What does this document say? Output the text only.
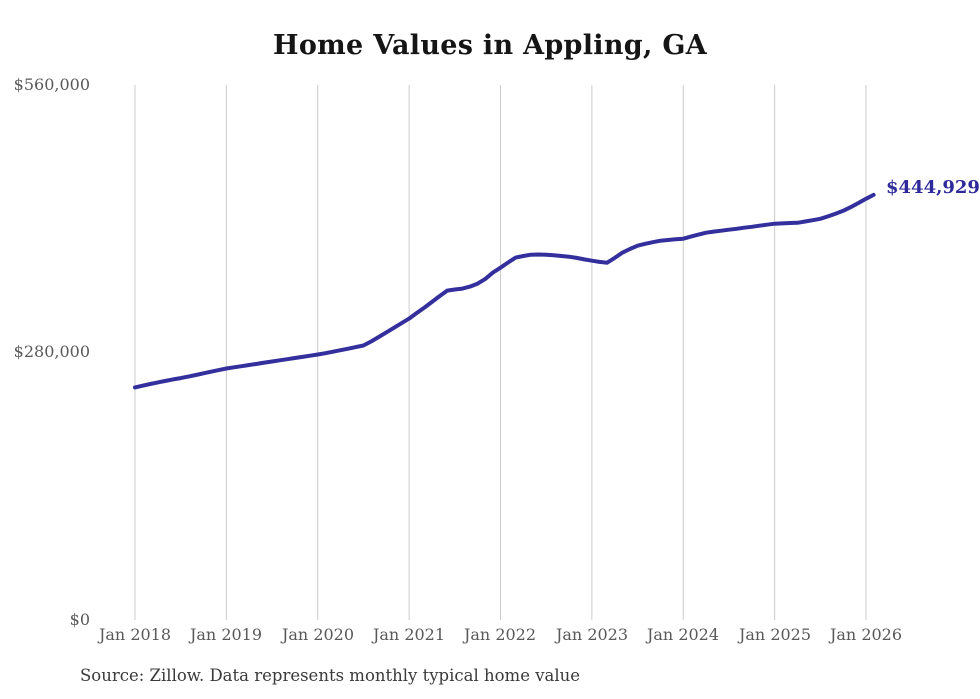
Home Values in Appling, GA
$560,000
$280,000
$0
Jan 2018	Jan 2019	Jan 2020	Jan 2021	Jan 2022	Jan 2023	Jan 2024	Jan 2025	Jan 2026
$444,929
Source: Zillow. Data represents monthly typical home value
